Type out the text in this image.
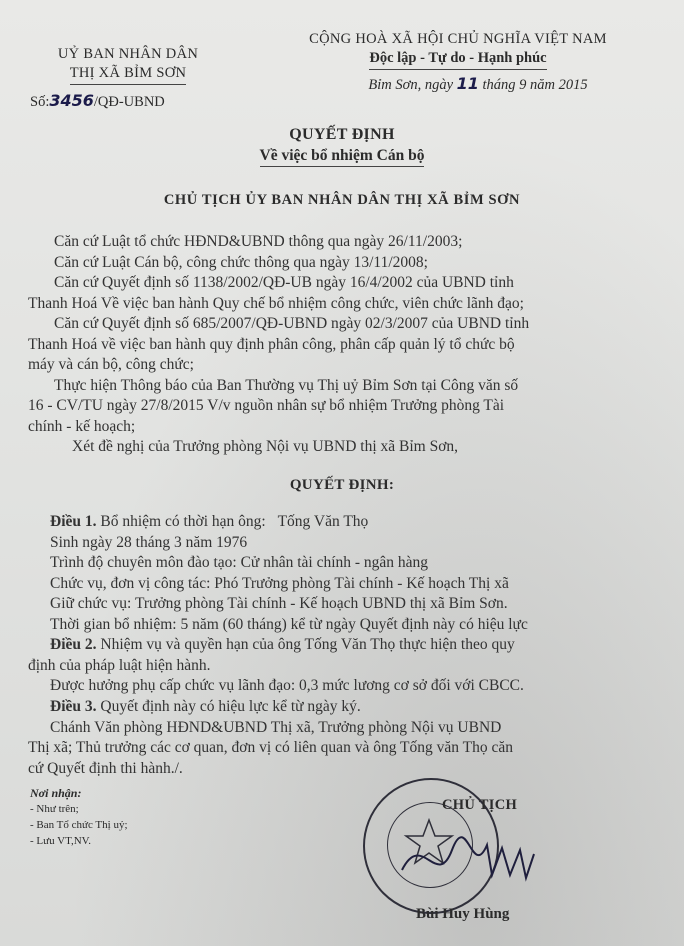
UỶ BAN NHÂN DÂN
THỊ XÃ BỈM SƠN
Số:3456/QĐ-UBND
CỘNG HOÀ XÃ HỘI CHỦ NGHĨA VIỆT NAM
Độc lập - Tự do - Hạnh phúc
Bỉm Sơn, ngày 11 tháng 9 năm 2015
QUYẾT ĐỊNH
Về việc bổ nhiệm Cán bộ
CHỦ TỊCH ỦY BAN NHÂN DÂN THỊ XÃ BỈM SƠN
Căn cứ Luật tổ chức HĐND&UBND thông qua ngày 26/11/2003;
Căn cứ Luật Cán bộ, công chức thông qua ngày 13/11/2008;
Căn cứ Quyết định số 1138/2002/QĐ-UB ngày 16/4/2002 của UBND tỉnh
Thanh Hoá Về việc ban hành Quy chế bổ nhiệm công chức, viên chức lãnh đạo;
Căn cứ Quyết định số 685/2007/QĐ-UBND ngày 02/3/2007 của UBND tỉnh
Thanh Hoá về việc ban hành quy định phân công, phân cấp quản lý tổ chức bộ
máy và cán bộ, công chức;
Thực hiện Thông báo của Ban Thường vụ Thị uỷ Bỉm Sơn tại Công văn số
16 - CV/TU ngày 27/8/2015 V/v nguồn nhân sự bổ nhiệm Trưởng phòng Tài
chính - kế hoạch;
Xét đề nghị của Trưởng phòng Nội vụ UBND thị xã Bỉm Sơn,
QUYẾT ĐỊNH:
Điều 1. Bổ nhiệm có thời hạn ông: Tống Văn Thọ
Sinh ngày 28 tháng 3 năm 1976
Trình độ chuyên môn đào tạo: Cử nhân tài chính - ngân hàng
Chức vụ, đơn vị công tác: Phó Trưởng phòng Tài chính - Kế hoạch Thị xã
Giữ chức vụ: Trưởng phòng Tài chính - Kế hoạch UBND thị xã Bỉm Sơn.
Thời gian bổ nhiệm: 5 năm (60 tháng) kể từ ngày Quyết định này có hiệu lực
Điều 2. Nhiệm vụ và quyền hạn của ông Tống Văn Thọ thực hiện theo quy
định của pháp luật hiện hành.
Được hưởng phụ cấp chức vụ lãnh đạo: 0,3 mức lương cơ sở đối với CBCC.
Điều 3. Quyết định này có hiệu lực kể từ ngày ký.
Chánh Văn phòng HĐND&UBND Thị xã, Trưởng phòng Nội vụ UBND
Thị xã; Thủ trưởng các cơ quan, đơn vị có liên quan và ông Tống văn Thọ căn
cứ Quyết định thi hành./.
Nơi nhận:
- Như trên;
- Ban Tổ chức Thị uỷ;
- Lưu VT,NV.
CHỦ TỊCH
Bùi Huy Hùng
